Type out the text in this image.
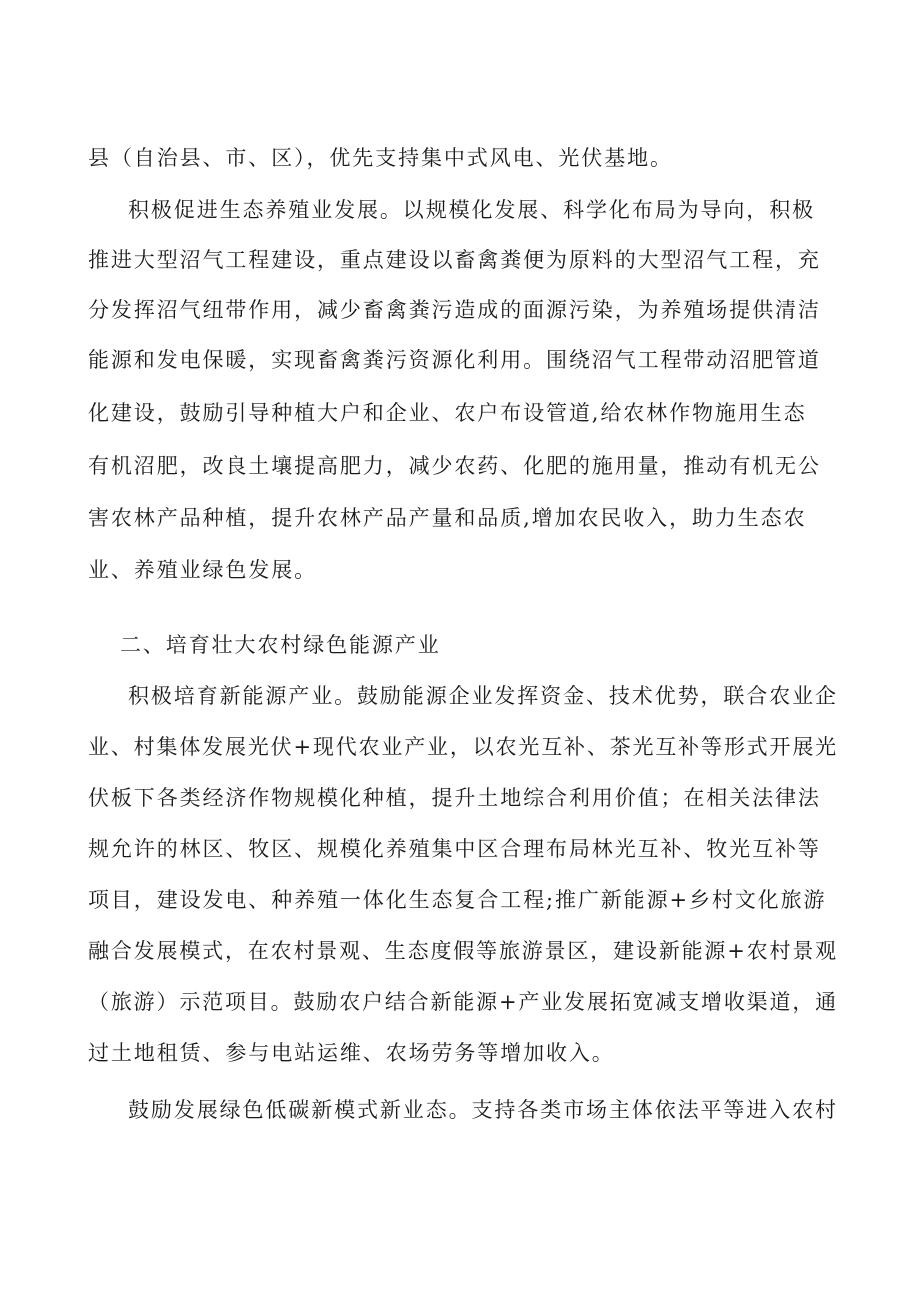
县（自治县、市、区），优先支持集中式风电、光伏基地。
积极促进生态养殖业发展。以规模化发展、科学化布局为导向，积极
推进大型沼气工程建设，重点建设以畜禽粪便为原料的大型沼气工程，充
分发挥沼气纽带作用，减少畜禽粪污造成的面源污染，为养殖场提供清洁
能源和发电保暖，实现畜禽粪污资源化利用。围绕沼气工程带动沼肥管道
化建设，鼓励引导种植大户和企业、农户布设管道,给农林作物施用生态
有机沼肥，改良土壤提高肥力，减少农药、化肥的施用量，推动有机无公
害农林产品种植，提升农林产品产量和品质,增加农民收入，助力生态农
业、养殖业绿色发展。
二、培育壮大农村绿色能源产业
积极培育新能源产业。鼓励能源企业发挥资金、技术优势，联合农业企
业、村集体发展光伏+现代农业产业，以农光互补、茶光互补等形式开展光
伏板下各类经济作物规模化种植，提升土地综合利用价值；在相关法律法
规允许的林区、牧区、规模化养殖集中区合理布局林光互补、牧光互补等
项目，建设发电、种养殖一体化生态复合工程;推广新能源+乡村文化旅游
融合发展模式，在农村景观、生态度假等旅游景区，建设新能源+农村景观
（旅游）示范项目。鼓励农户结合新能源+产业发展拓宽减支增收渠道，通
过土地租赁、参与电站运维、农场劳务等增加收入。
鼓励发展绿色低碳新模式新业态。支持各类市场主体依法平等进入农村
